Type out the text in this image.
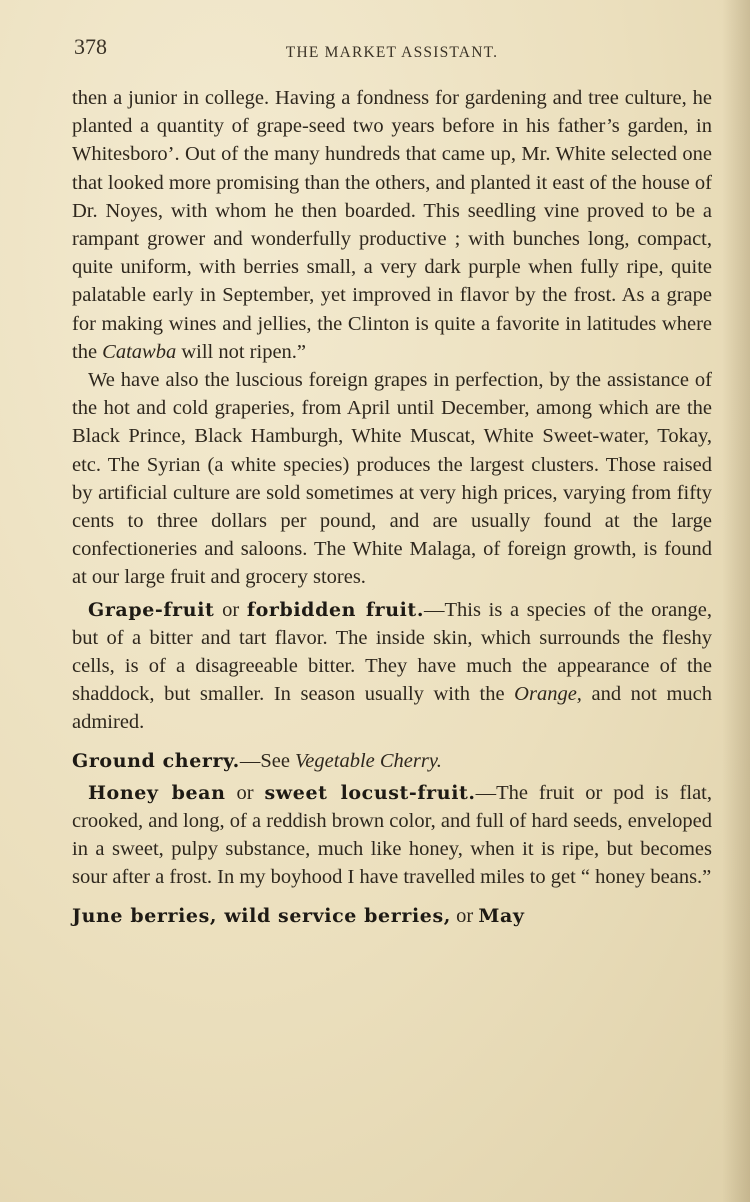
378	THE MARKET ASSISTANT.

then a junior in college. Having a fondness for gardening and tree culture, he planted a quantity of grape-seed two years before in his father’s garden, in Whitesboro’. Out of the many hundreds that came up, Mr. White selected one that looked more promising than the others, and planted it east of the house of Dr. Noyes, with whom he then boarded. This seedling vine proved to be a rampant grower and wonderfully productive ; with bunches long, compact, quite uniform, with berries small, a very dark purple when fully ripe, quite palatable early in September, yet improved in flavor by the frost. As a grape for making wines and jellies, the Clinton is quite a favorite in latitudes where the Catawba will not ripen.”

We have also the luscious foreign grapes in perfection, by the assistance of the hot and cold graperies, from April until December, among which are the Black Prince, Black Hamburgh, White Muscat, White Sweet-water, Tokay, etc. The Syrian (a white species) produces the largest clusters. Those raised by artificial culture are sold sometimes at very high prices, varying from fifty cents to three dollars per pound, and are usually found at the large confectioneries and saloons. The White Malaga, of foreign growth, is found at our large fruit and grocery stores.

Grape-fruit or forbidden fruit.—This is a species of the orange, but of a bitter and tart flavor. The inside skin, which surrounds the fleshy cells, is of a disagreeable bitter. They have much the appearance of the shaddock, but smaller. In season usually with the Orange, and not much admired.

Ground cherry.—See Vegetable Cherry.

Honey bean or sweet locust-fruit.—The fruit or pod is flat, crooked, and long, of a reddish brown color, and full of hard seeds, enveloped in a sweet, pulpy substance, much like honey, when it is ripe, but becomes sour after a frost. In my boyhood I have travelled miles to get “ honey beans.”

June berries, wild service berries, or May
